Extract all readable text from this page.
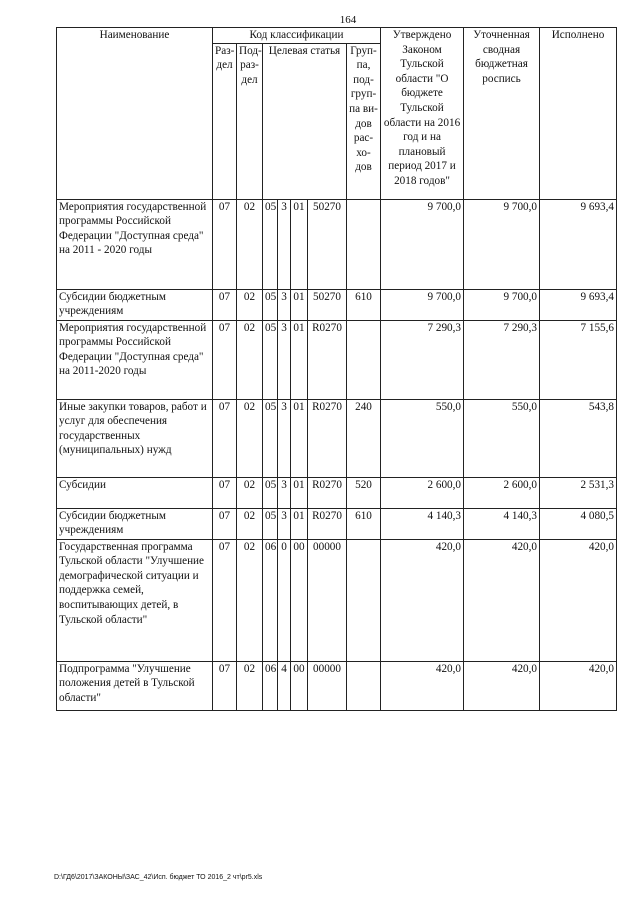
164
Наименование	Код классификации							Утверждено Законом Тульской области "О бюджете Тульской области на 2016 год и на плановый период 2017 и 2018 годов"	Уточненная сводная бюджетная роспись	Исполнено
	Раз-дел	Под-раз-дел	Целевая статья				Груп-па, под-груп-па ви-дов рас-хо-дов			

Мероприятия государственной программы Российской Федерации "Доступная среда" на 2011 - 2020 годы	07	02	05	3	01	50270		9 700,0	9 700,0	9 693,4
Субсидии бюджетным учреждениям	07	02	05	3	01	50270	610	9 700,0	9 700,0	9 693,4
Мероприятия государственной программы Российской Федерации "Доступная среда" на 2011-2020 годы	07	02	05	3	01	R0270		7 290,3	7 290,3	7 155,6
Иные закупки товаров, работ и услуг для обеспечения государственных (муниципальных) нужд	07	02	05	3	01	R0270	240	550,0	550,0	543,8
Субсидии	07	02	05	3	01	R0270	520	2 600,0	2 600,0	2 531,3
Субсидии бюджетным учреждениям	07	02	05	3	01	R0270	610	4 140,3	4 140,3	4 080,5
Государственная программа Тульской области "Улучшение демографической ситуации и поддержка семей, воспитывающих детей, в Тульской области"	07	02	06	0	00	00000		420,0	420,0	420,0
Подпрограмма "Улучшение положения детей в Тульской области"	07	02	06	4	00	00000		420,0	420,0	420,0
D:\ГД6\2017\ЗАКОНЫ\ЗАС_42\Исп. бюджет ТО 2016_2 чт\pr5.xls
